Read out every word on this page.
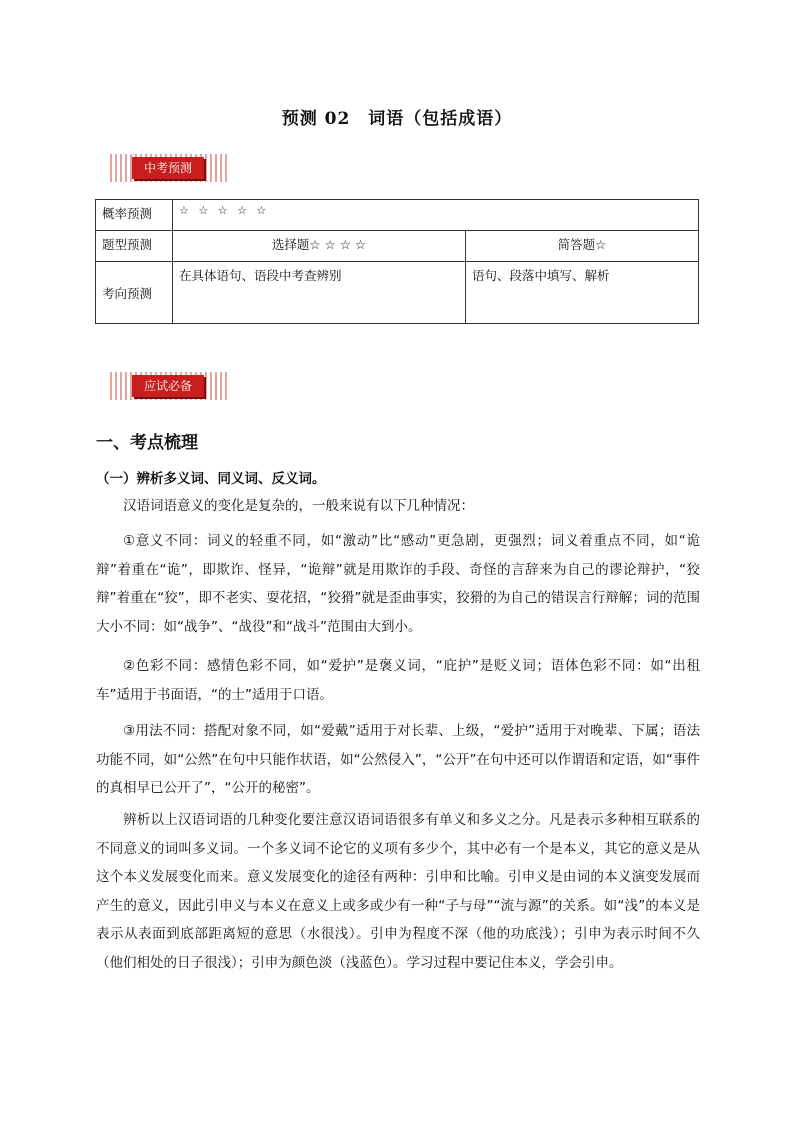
预测 02　词语（包括成语）
中考预测
概率预测	☆ ☆ ☆ ☆ ☆	
题型预测	选择题☆ ☆ ☆ ☆	简答题☆
考向预测	在具体语句、语段中考查辨别	语句、段落中填写、解析
应试必备
一、考点梳理
（一）辨析多义词、同义词、反义词。
汉语词语意义的变化是复杂的，一般来说有以下几种情况：
①意义不同：词义的轻重不同，如“激动”比“感动”更急剧，更强烈；词义着重点不同，如“诡辩”着重在“诡”，即欺诈、怪异，“诡辩”就是用欺诈的手段、奇怪的言辞来为自己的谬论辩护，“狡辩”着重在“狡”，即不老实、耍花招，“狡猾”就是歪曲事实，狡猾的为自己的错误言行辩解；词的范围大小不同：如“战争”、“战役”和“战斗”范围由大到小。
②色彩不同：感情色彩不同，如“爱护”是褒义词，“庇护”是贬义词；语体色彩不同：如“出租车”适用于书面语，“的士”适用于口语。
③用法不同：搭配对象不同，如“爱戴”适用于对长辈、上级，“爱护”适用于对晚辈、下属；语法功能不同，如“公然”在句中只能作状语，如“公然侵入”，“公开”在句中还可以作谓语和定语，如“事件的真相早已公开了”，“公开的秘密”。
辨析以上汉语词语的几种变化要注意汉语词语很多有单义和多义之分。凡是表示多种相互联系的不同意义的词叫多义词。一个多义词不论它的义项有多少个，其中必有一个是本义，其它的意义是从这个本义发展变化而来。意义发展变化的途径有两种：引申和比喻。引申义是由词的本义演变发展而产生的意义，因此引申义与本义在意义上或多或少有一种“子与母”“流与源”的关系。如“浅”的本义是表示从表面到底部距离短的意思（水很浅）。引申为程度不深（他的功底浅）；引申为表示时间不久（他们相处的日子很浅）；引申为颜色淡（浅蓝色）。学习过程中要记住本义，学会引申。
